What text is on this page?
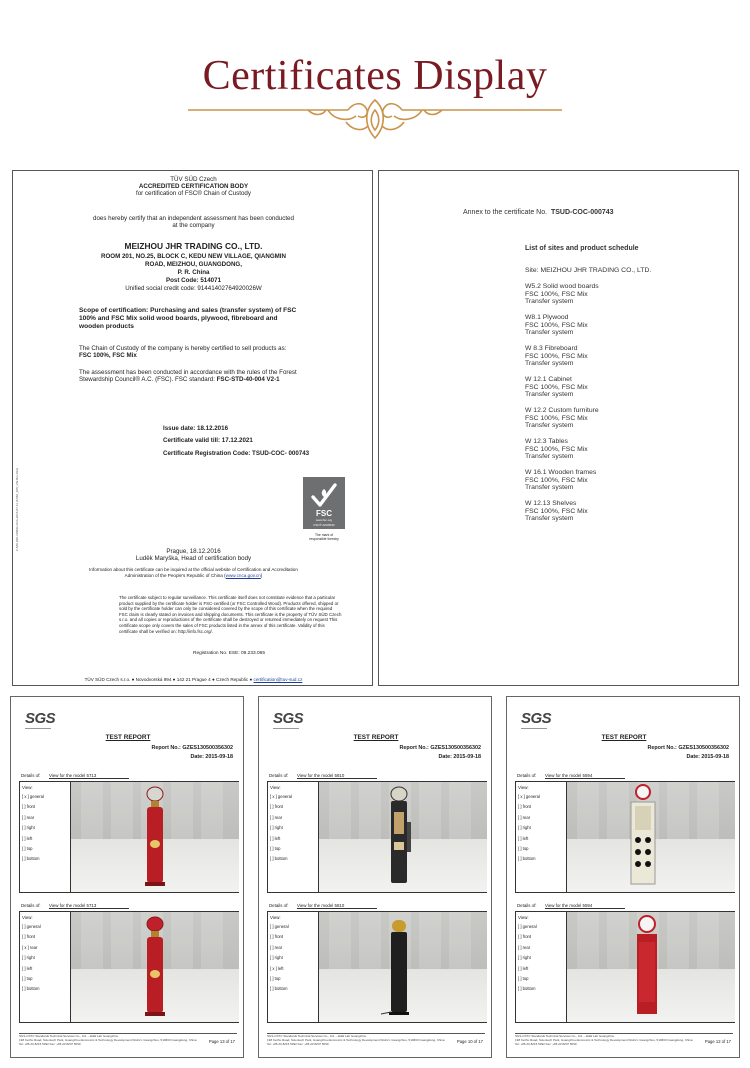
Certificates Display
TÜV SÜD Czech
ACCREDITED CERTIFICATION BODY
for certification of FSC® Chain of Custody
does hereby certify that an independent assessment has been conducted
at the company
MEIZHOU JHR TRADING CO., LTD.
ROOM 201, NO.25, BLOCK C, KEDU NEW VILLAGE, QIANGMIN
ROAD, MEIZHOU, GUANGDONG,
P. R. China
Post Code: 514071
Unified social credit code: 91441402764920026W
Scope of certification: Purchasing and sales (transfer system) of FSC
100% and FSC Mix solid wood boards, plywood, fibreboard and
wooden products
The Chain of Custody of the company is hereby certified to sell products as:
FSC 100%, FSC Mix
The assessment has been conducted in accordance with the rules of the Forest
Stewardship Council® A.C. (FSC). FSC standard: FSC-STD-40-004 V2-1
Issue date: 18.12.2016
Certificate valid till: 17.12.2021
Certificate Registration Code: TSUD-COC- 000743
FSC
www.fsc.org
FSC® A000530
The mark of
responsible forestry
Prague, 18.12.2016
Luděk Maryška, Head of certification body
Information about this certificate can be inquired at the official website of Certification and Accreditation
Administration of the People's Republic of China (www.cnca.gov.cn)
The certificate subject to regular surveillance. This certificate itself does not constitute evidence that a particular
product supplied by the certificate holder is FSC-certified (or FSC Controlled Wood). Products offered, shipped or
sold by the certificate holder can only be considered covered by the scope of this certificate when the required
FSC claim is clearly stated on invoices and shipping documents. This certificate is the property of TÜV SÜD Czech
s.r.o. and all copies or reproductions of the certificate shall be destroyed or returned immediately on request This
certificate scope only covers the sales of FSC products listed in the annex of this certificate. Validity of this
certificate shall be verified on: http://info.fsc.org/.
Registration No. ESE: 09.233.065
TÜV SÜD Czech s.r.o. ● Novodvorská 994 ● 142 21 Prague 4 ● Czech Republic ● certification@tuv-sud.cz
F-540-028-VW/Rev.01A-2016-07-11 (F.540_028_VW.Rev.01A)
Annex to the certificate No. TSUD-COC-000743
List of sites and product schedule
Site: MEIZHOU JHR TRADING CO., LTD.
W5.2 Solid wood boards
FSC 100%, FSC Mix
Transfer system
W8.1 Plywood
FSC 100%, FSC Mix
Transfer system
W 8.3 Fibreboard
FSC 100%, FSC Mix
Transfer system
W 12.1 Cabinet
FSC 100%, FSC Mix
Transfer system
W 12.2 Custom furniture
FSC 100%, FSC Mix
Transfer system
W 12.3 Tables
FSC 100%, FSC Mix
Transfer system
W 16.1 Wooden frames
FSC 100%, FSC Mix
Transfer system
W 12.13 Shelves
FSC 100%, FSC Mix
Transfer system
SGS
TEST REPORT
Report No.: GZES130500356302
Date: 2015-09-18
Details of: View for the model 5713
View:
[ x ] general
[ ] front
[ ] rear
[ ] right
[ ] left
[ ] top
[ ] bottom
Details of: View for the model 5713
View:
[ ] general
[ ] front
[ x ] rear
[ ] right
[ ] left
[ ] top
[ ] bottom
SGS-CSTC Standards Technical Services Co., Ltd. – E&E Lab Guangzhou
198 Kezhu Road, Scientech Park, Guangzhou Economic & Technology Development District, Guangzhou, 510663 Guangdong, China
Tel: +86 20 8215 5392 Fax: +86 20 8207 5059	Page 13 of 17
SGS
TEST REPORT
Report No.: GZES130500356302
Date: 2015-09-18
Details of: View for the model 5810
View:
[ x ] general
[ ] front
[ ] rear
[ ] right
[ ] left
[ ] top
[ ] bottom
Details of: View for the model 5810
View:
[ ] general
[ ] front
[ ] rear
[ ] right
[ x ] left
[ ] top
[ ] bottom
SGS-CSTC Standards Technical Services Co., Ltd. – E&E Lab Guangzhou
198 Kezhu Road, Scientech Park, Guangzhou Economic & Technology Development District, Guangzhou, 510663 Guangdong, China
Tel: +86 20 8215 5392 Fax: +86 20 8207 5059	Page 10 of 17
SGS
TEST REPORT
Report No.: GZES130500356302
Date: 2015-09-18
Details of: View for the model 5594
View:
[ x ] general
[ ] front
[ ] rear
[ ] right
[ ] left
[ ] top
[ ] bottom
Details of: View for the model 5594
View:
[ ] general
[ ] front
[ ] rear
[ ] right
[ ] left
[ ] top
[ ] bottom
SGS-CSTC Standards Technical Services Co., Ltd. – E&E Lab Guangzhou
198 Kezhu Road, Scientech Park, Guangzhou Economic & Technology Development District, Guangzhou, 510663 Guangdong, China
Tel: +86 20 8215 5392 Fax: +86 20 8207 5059	Page 12 of 17
